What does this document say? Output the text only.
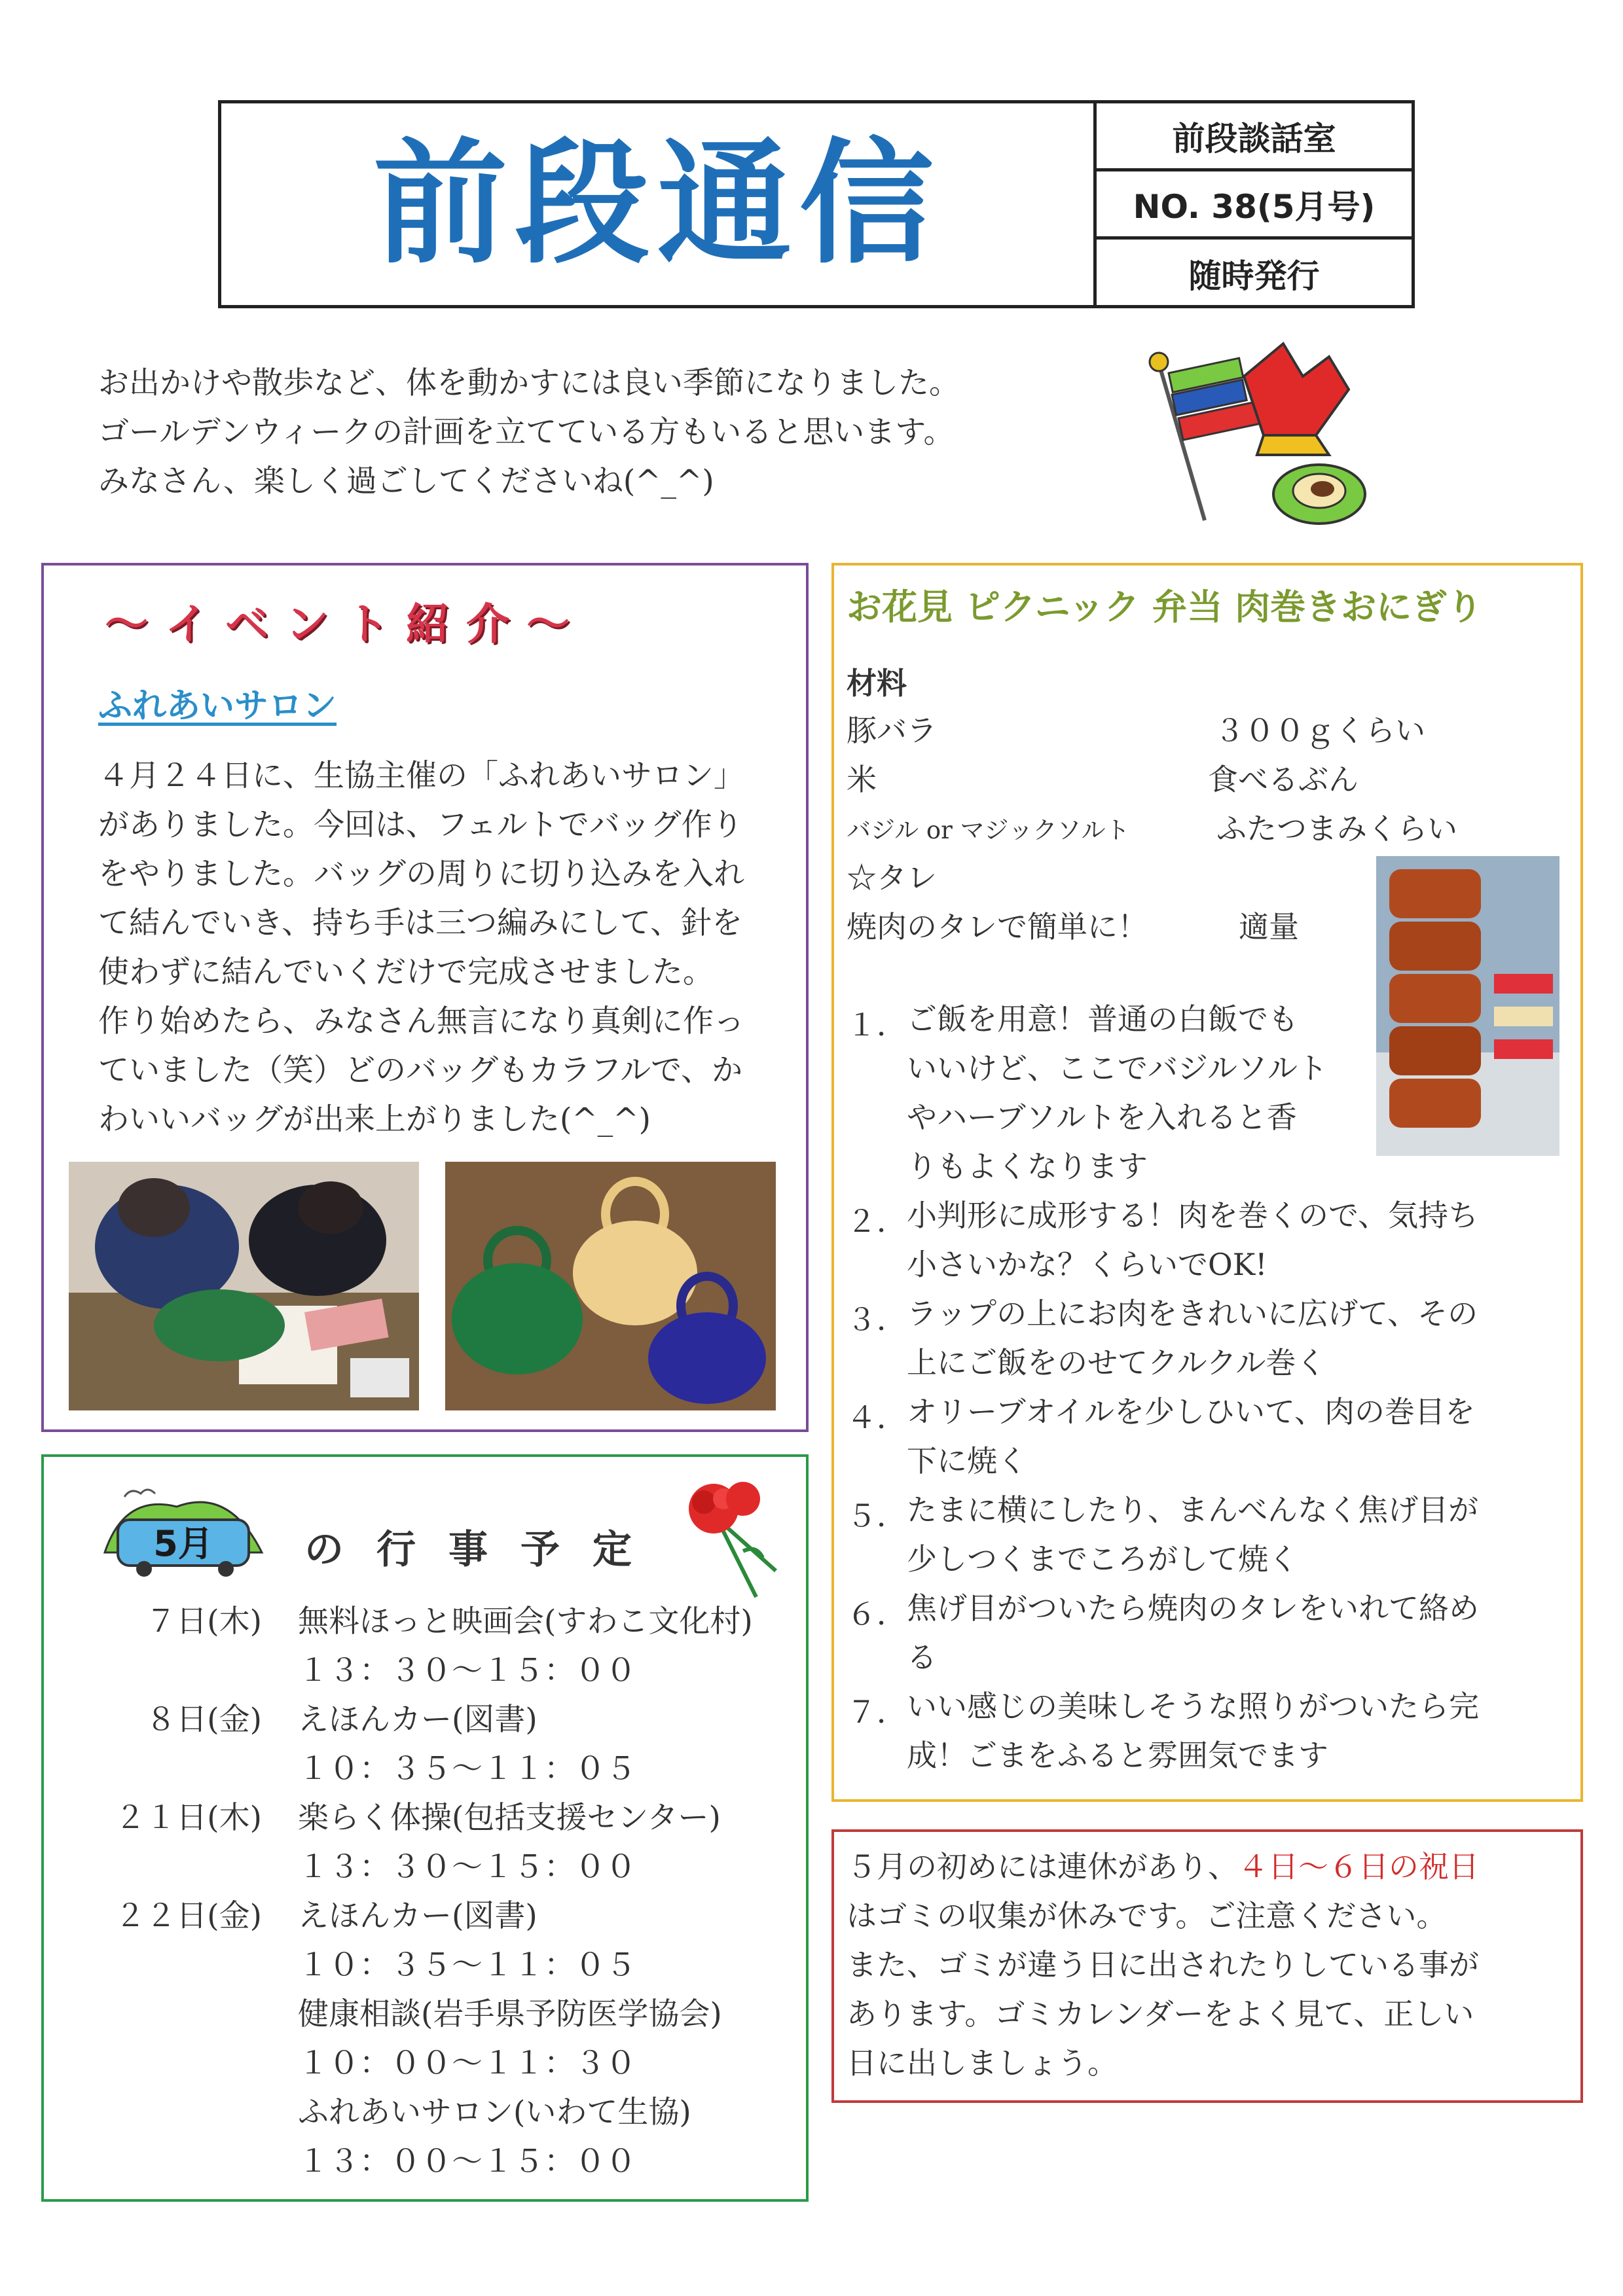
前段通信	前段談話室
NO. 38(5月号)
随時発行
お出かけや散歩など、体を動かすには良い季節になりました。
ゴールデンウィークの計画を立てている方もいると思います。
みなさん、楽しく過ごしてくださいね(^_^)
～イベント紹介～
ふれあいサロン
４月２４日に、生協主催の「ふれあいサロン」
がありました。今回は、フェルトでバッグ作り
をやりました。バッグの周りに切り込みを入れ
て結んでいき、持ち手は三つ編みにして、針を
使わずに結んでいくだけで完成させました。
作り始めたら、みなさん無言になり真剣に作っ
ていました（笑）どのバッグもカラフルで、か
わいいバッグが出来上がりました(^_^)
5月 の行事予定
７日(木) 無料ほっと映画会(すわこ文化村)
１３：３０～１５：００
８日(金) えほんカー(図書)
１０：３５～１１：０５
２１日(木) 楽らく体操(包括支援センター)
１３：３０～１５：００
２２日(金) えほんカー(図書)
１０：３５～１１：０５
健康相談(岩手県予防医学協会)
１０：００～１１：３０
ふれあいサロン(いわて生協)
１３：００～１５：００
お花見 ピクニック 弁当 肉巻きおにぎり
材料
豚バラ	３００ｇくらい
米	食べるぶん
バジル or マジックソルト	ふたつまみくらい
☆タレ
焼肉のタレで簡単に！	適量
１． ご飯を用意！普通の白飯でも
いいけど、ここでバジルソルト
やハーブソルトを入れると香
りもよくなります
２． 小判形に成形する！肉を巻くので、気持ち
小さいかな？くらいでOK!
３． ラップの上にお肉をきれいに広げて、その
上にご飯をのせてクルクル巻く
４． オリーブオイルを少しひいて、肉の巻目を
下に焼く
５． たまに横にしたり、まんべんなく焦げ目が
少しつくまでころがして焼く
６． 焦げ目がついたら焼肉のタレをいれて絡め
る
７． いい感じの美味しそうな照りがついたら完
成！ごまをふると雰囲気でます
５月の初めには連休があり、４日～６日の祝日
はゴミの収集が休みです。ご注意ください。
また、ゴミが違う日に出されたりしている事が
あります。ゴミカレンダーをよく見て、正しい
日に出しましょう。
